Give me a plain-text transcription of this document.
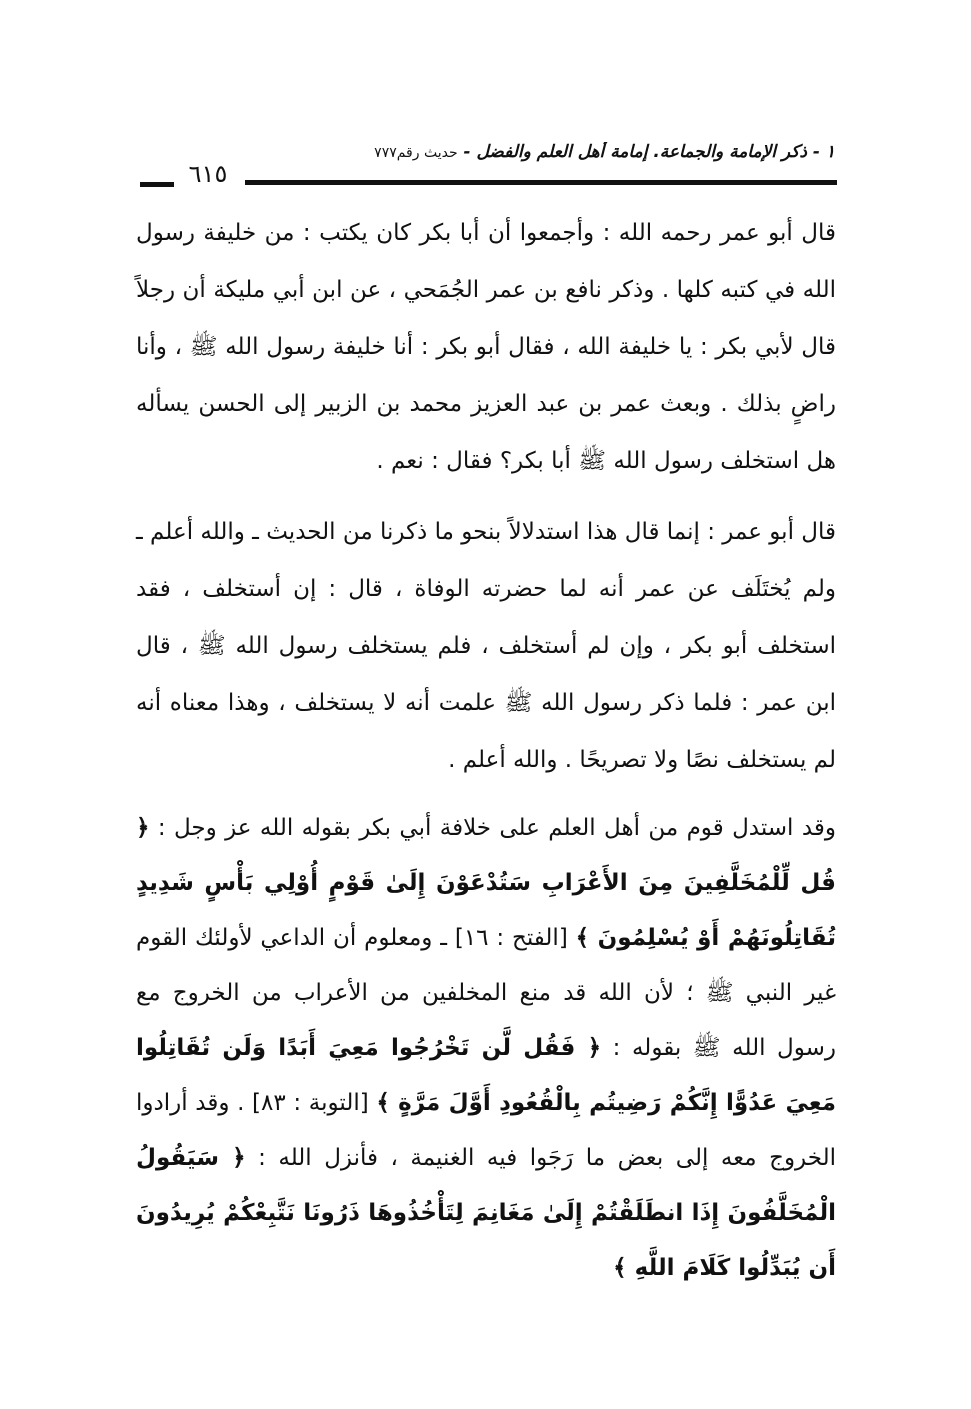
١ - ذكر الإمامة والجماعة. إمامة أهل العلم والفضل - حديث رقم٧٧٧
٦١٥

قال أبو عمر رحمه الله : وأجمعوا أن أبا بكر كان يكتب : من خليفة رسول الله في كتبه كلها . وذكر نافع بن عمر الجُمَحي ، عن ابن أبي مليكة أن رجلاً قال لأبي بكر : يا خليفة الله ، فقال أبو بكر : أنا خليفة رسول الله ﷺ ، وأنا راضٍ بذلك . وبعث عمر بن عبد العزيز محمد بن الزبير إلى الحسن يسأله هل استخلف رسول الله ﷺ أبا بكر؟ فقال : نعم .

قال أبو عمر : إنما قال هذا استدلالاً بنحو ما ذكرنا من الحديث ـ والله أعلم ـ ولم يُختَلَف عن عمر أنه لما حضرته الوفاة ، قال : إن أستخلف ، فقد استخلف أبو بكر ، وإن لم أستخلف ، فلم يستخلف رسول الله ﷺ ، قال ابن عمر : فلما ذكر رسول الله ﷺ علمت أنه لا يستخلف ، وهذا معناه أنه لم يستخلف نصًا ولا تصريحًا . والله أعلم .

وقد استدل قوم من أهل العلم على خلافة أبي بكر بقوله الله عز وجل : ﴿ قُل لِّلْمُخَلَّفِينَ مِنَ الأَعْرَابِ سَتُدْعَوْنَ إِلَىٰ قَوْمٍ أُوْلِي بَأْسٍ شَدِيدٍ تُقَاتِلُونَهُمْ أَوْ يُسْلِمُونَ ﴾ [الفتح : ١٦] ـ ومعلوم أن الداعي لأولئك القوم غير النبي ﷺ ؛ لأن الله قد منع المخلفين من الأعراب من الخروج مع رسول الله ﷺ بقوله : ﴿ فَقُل لَّن تَخْرُجُوا مَعِيَ أَبَدًا وَلَن تُقَاتِلُوا مَعِيَ عَدُوًّا إِنَّكُمْ رَضِيتُم بِالْقُعُودِ أَوَّلَ مَرَّةٍ ﴾ [التوبة : ٨٣] . وقد أرادوا الخروج معه إلى بعض ما رَجَوا فيه الغنيمة ، فأنزل الله : ﴿ سَيَقُولُ الْمُخَلَّفُونَ إِذَا انطَلَقْتُمْ إِلَىٰ مَغَانِمَ لِتَأْخُذُوهَا ذَرُونَا نَتَّبِعْكُمْ يُرِيدُونَ أَن يُبَدِّلُوا كَلَامَ اللَّهِ ﴾
